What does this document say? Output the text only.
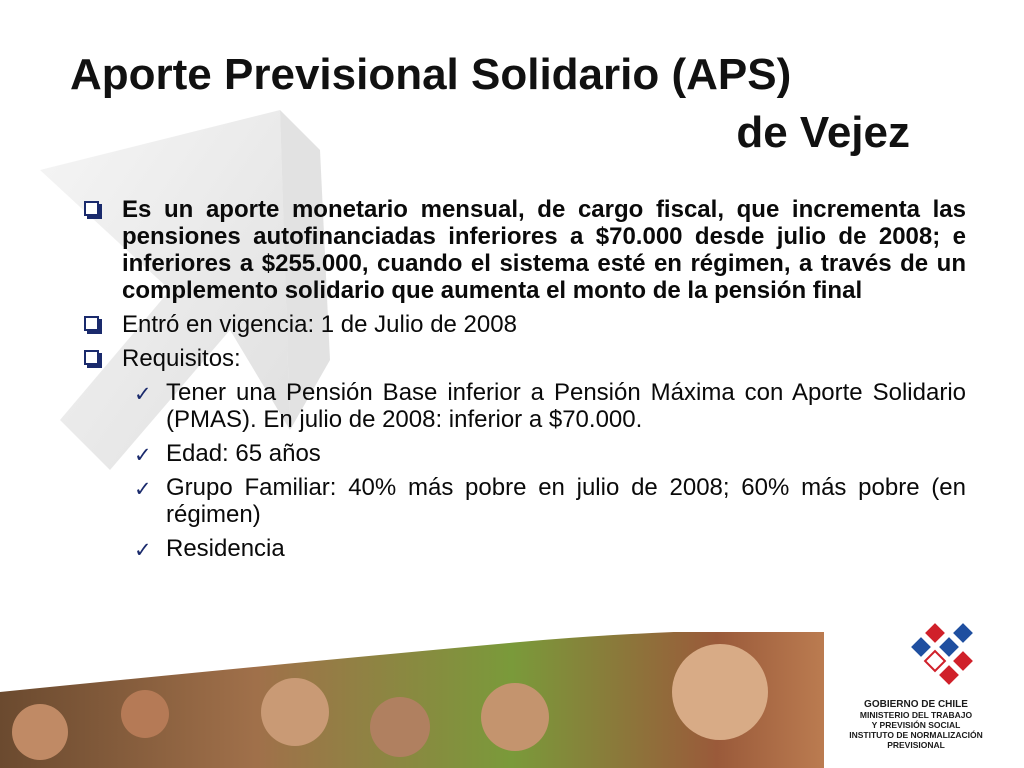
Aporte Previsional Solidario (APS)
de Vejez
Es un aporte monetario mensual, de cargo fiscal, que incrementa las pensiones autofinanciadas inferiores a $70.000 desde julio de 2008; e inferiores a $255.000, cuando el sistema esté en régimen, a través de un complemento solidario que aumenta el monto de la pensión final
Entró en vigencia: 1 de Julio de 2008
Requisitos:
✓ Tener una Pensión Base inferior a Pensión Máxima con Aporte Solidario (PMAS). En julio de 2008: inferior a $70.000.
✓ Edad: 65 años
✓ Grupo Familiar: 40% más pobre en julio de 2008; 60% más pobre (en régimen)
✓ Residencia
GOBIERNO DE CHILE
MINISTERIO DEL TRABAJO
Y PREVISIÓN SOCIAL
INSTITUTO DE NORMALIZACIÓN
PREVISIONAL
